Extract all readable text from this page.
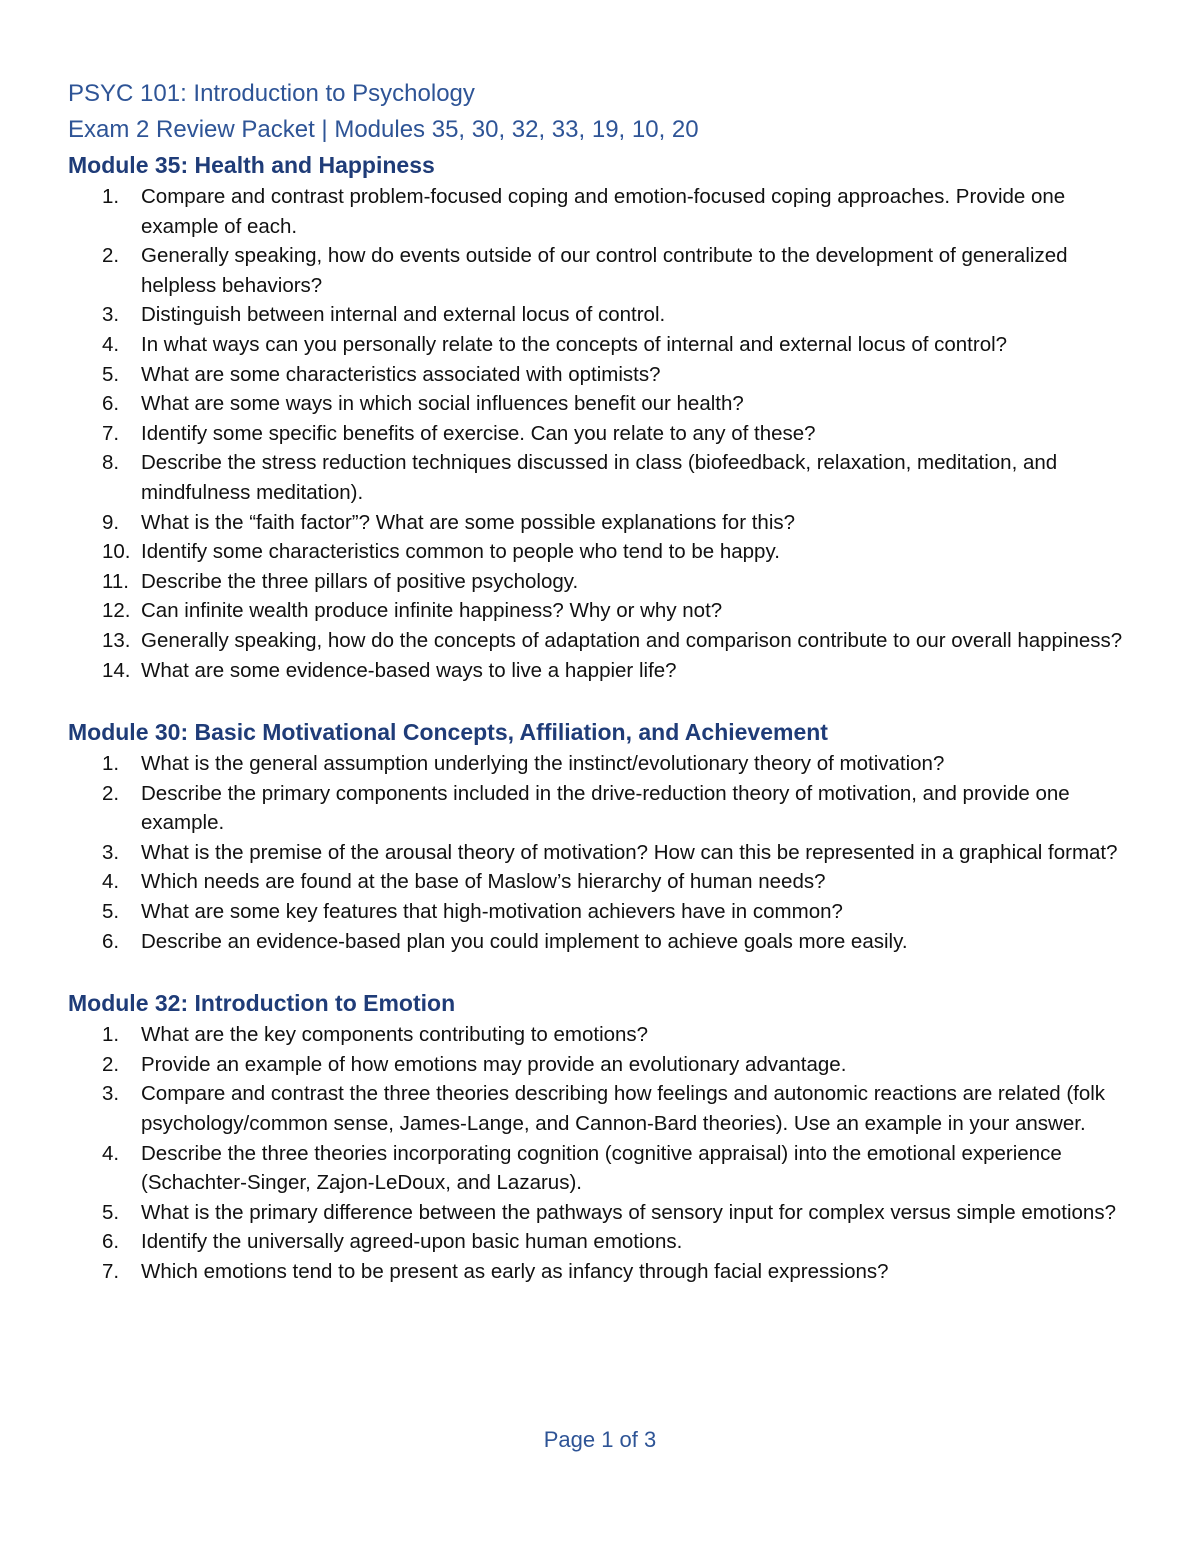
PSYC 101: Introduction to Psychology

Exam 2 Review Packet | Modules 35, 30, 32, 33, 19, 10, 20

Module 35: Health and Happiness
1.	Compare and contrast problem-focused coping and emotion-focused coping approaches. Provide one example of each.
2.	Generally speaking, how do events outside of our control contribute to the development of generalized helpless behaviors?
3.	Distinguish between internal and external locus of control.
4.	In what ways can you personally relate to the concepts of internal and external locus of control?
5.	What are some characteristics associated with optimists?
6.	What are some ways in which social influences benefit our health?
7.	Identify some specific benefits of exercise. Can you relate to any of these?
8.	Describe the stress reduction techniques discussed in class (biofeedback, relaxation, meditation, and mindfulness meditation).
9.	What is the “faith factor”? What are some possible explanations for this?
10. Identify some characteristics common to people who tend to be happy.
11. Describe the three pillars of positive psychology.
12. Can infinite wealth produce infinite happiness? Why or why not?
13. Generally speaking, how do the concepts of adaptation and comparison contribute to our overall happiness?
14. What are some evidence-based ways to live a happier life?
Module 30: Basic Motivational Concepts, Affiliation, and Achievement
1.	What is the general assumption underlying the instinct/evolutionary theory of motivation?
2.	Describe the primary components included in the drive-reduction theory of motivation, and provide one example.
3.	What is the premise of the arousal theory of motivation? How can this be represented in a graphical format?
4.	Which needs are found at the base of Maslow’s hierarchy of human needs?
5.	What are some key features that high-motivation achievers have in common?
6.	Describe an evidence-based plan you could implement to achieve goals more easily.
Module 32: Introduction to Emotion
1.	What are the key components contributing to emotions?
2.	Provide an example of how emotions may provide an evolutionary advantage.
3.	Compare and contrast the three theories describing how feelings and autonomic reactions are related (folk psychology/common sense, James-Lange, and Cannon-Bard theories). Use an example in your answer.
4.	Describe the three theories incorporating cognition (cognitive appraisal) into the emotional experience (Schachter-Singer, Zajon-LeDoux, and Lazarus).
5.	What is the primary difference between the pathways of sensory input for complex versus simple emotions?
6.	Identify the universally agreed-upon basic human emotions.
7.	Which emotions tend to be present as early as infancy through facial expressions?
Page 1 of 3
